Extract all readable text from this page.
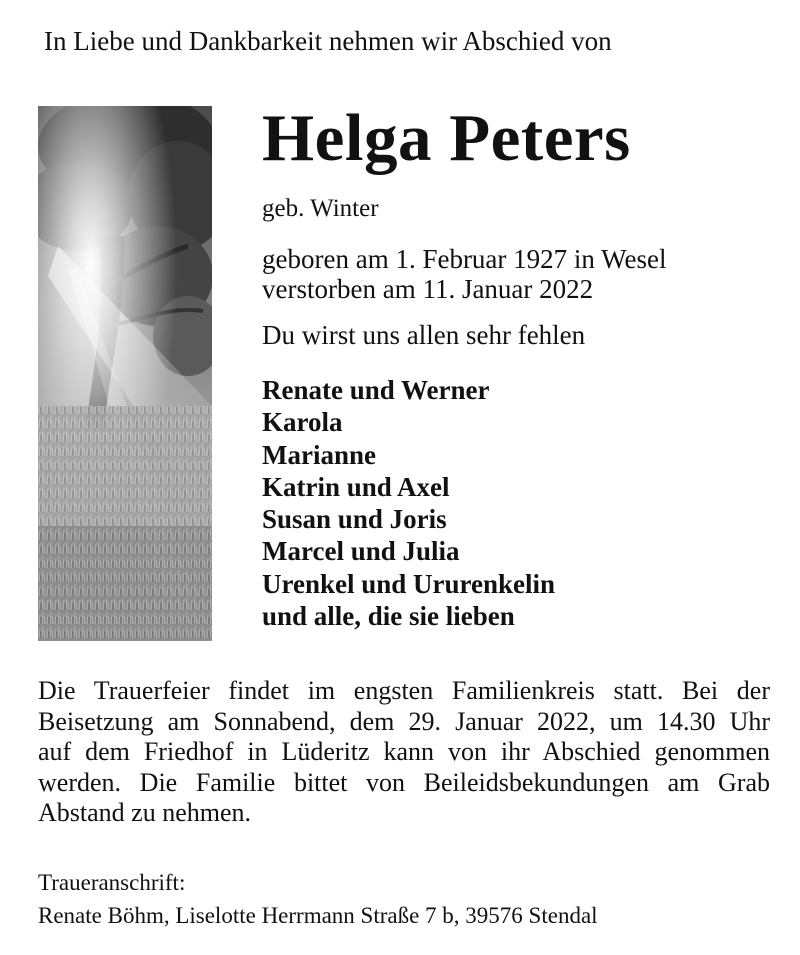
In Liebe und Dankbarkeit nehmen wir Abschied von
Helga Peters
geb. Winter
geboren am 1. Februar 1927 in Wesel
verstorben am 11. Januar 2022
Du wirst uns allen sehr fehlen
Renate und Werner
Karola
Marianne
Katrin und Axel
Susan und Joris
Marcel und Julia
Urenkel und Ururenkelin
und alle, die sie lieben
Die Trauerfeier findet im engsten Familienkreis statt. Bei der
Beisetzung am Sonnabend, dem 29. Januar 2022, um 14.30 Uhr
auf dem Friedhof in Lüderitz kann von ihr Abschied genommen
werden. Die Familie bittet von Beileidsbekundungen am Grab
Abstand zu nehmen.
Traueranschrift:
Renate Böhm, Liselotte Herrmann Straße 7 b, 39576 Stendal
